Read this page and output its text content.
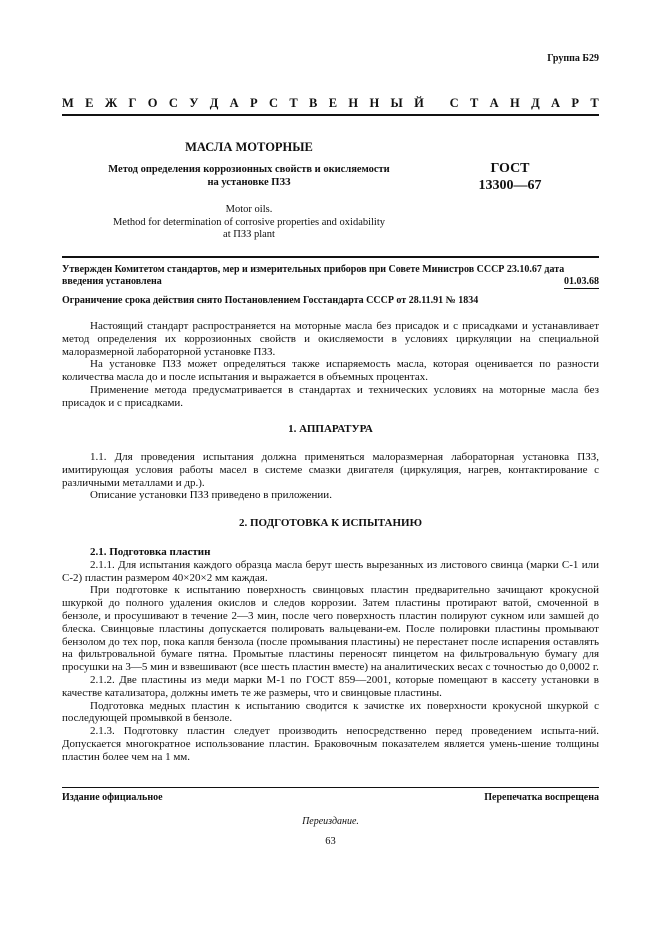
Группа Б29
М Е Ж Г О С У Д А Р С Т В Е Н Н Ы Й
С Т А Н Д А Р Т
МАСЛА МОТОРНЫЕ
Метод определения коррозионных свойств и окисляемости
на установке ПЗЗ
ГОСТ
13300—67
Motor oils.
Method for determination of corrosive properties and oxidability
at ПЗЗ plant
Утвержден Комитетом стандартов, мер и измерительных приборов при Совете Министров СССР 23.10.67 дата
введения установлена	01.03.68
Ограничение срока действия снято Постановлением Госстандарта СССР от 28.11.91 № 1834

Настоящий стандарт распространяется на моторные масла без присадок и с присадками и устанавливает метод определения их коррозионных свойств и окисляемости в условиях циркуляции на специальной малоразмерной лабораторной установке ПЗЗ.

На установке ПЗЗ может определяться также испаряемость масла, которая оценивается по разности количества масла до и после испытания и выражается в объемных процентах.

Применение метода предусматривается в стандартах и технических условиях на моторные масла без присадок и с присадками.

1. АППАРАТУРА

1.1. Для проведения испытания должна применяться малоразмерная лабораторная установка ПЗЗ, имитирующая условия работы масел в системе смазки двигателя (циркуляция, нагрев, контактирование с различными металлами и др.).

Описание установки ПЗЗ приведено в приложении.

2. ПОДГОТОВКА К ИСПЫТАНИЮ

2.1. Подготовка пластин

2.1.1. Для испытания каждого образца масла берут шесть вырезанных из листового свинца (марки С-1 или С-2) пластин размером 40×20×2 мм каждая.

При подготовке к испытанию поверхность свинцовых пластин предварительно зачищают крокусной шкуркой до полного удаления окислов и следов коррозии. Затем пластины протирают ватой, смоченной в бензоле, и просушивают в течение 2—3 мин, после чего поверхность пластин полируют сукном или замшей до блеска. Свинцовые пластины допускается полировать вальцевани-ем. После полировки пластины промывают бензолом до тех пор, пока капля бензола (после промывания пластины) не перестанет после испарения оставлять на фильтровальной бумаге пятна. Промытые пластины переносят пинцетом на фильтровальную бумагу для просушки на 3—5 мин и взвешивают (все шесть пластин вместе) на аналитических весах с точностью до 0,0002 г.

2.1.2. Две пластины из меди марки М-1 по ГОСТ 859—2001, которые помещают в кассету установки в качестве катализатора, должны иметь те же размеры, что и свинцовые пластины.

Подготовка медных пластин к испытанию сводится к зачистке их поверхности крокусной шкуркой с последующей промывкой в бензоле.

2.1.3. Подготовку пластин следует производить непосредственно перед проведением испыта-ний. Допускается многократное использование пластин. Браковочным показателем является умень-шение толщины пластин более чем на 1 мм.

Издание официальное	Перепечатка воспрещена
Переиздание.
63
